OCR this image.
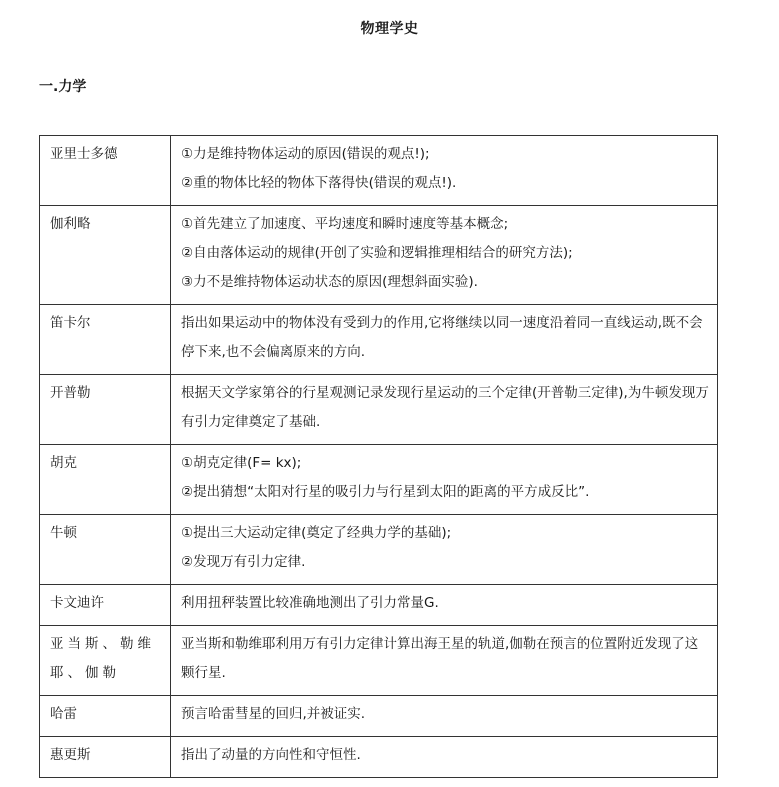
物理学史
一.力学
亚里士多德	①力是维持物体运动的原因(错误的观点!);
②重的物体比轻的物体下落得快(错误的观点!).

伽利略	①首先建立了加速度、平均速度和瞬时速度等基本概念;
②自由落体运动的规律(开创了实验和逻辑推理相结合的研究方法);
③力不是维持物体运动状态的原因(理想斜面实验).

笛卡尔	指出如果运动中的物体没有受到力的作用,它将继续以同一速度沿着同一直线运动,既不会停下来,也不会偏离原来的方向.

开普勒	根据天文学家第谷的行星观测记录发现行星运动的三个定律(开普勒三定律),为牛顿发现万有引力定律奠定了基础.

胡克	①胡克定律(F= kx);
②提出猜想“太阳对行星的吸引力与行星到太阳的距离的平方成反比”.

牛顿	①提出三大运动定律(奠定了经典力学的基础);
②发现万有引力定律.

卡文迪许	利用扭秤装置比较准确地测出了引力常量G.

亚当斯、勒维耶、伽勒	亚当斯和勒维耶利用万有引力定律计算出海王星的轨道,伽勒在预言的位置附近发现了这颗行星.

哈雷	预言哈雷彗星的回归,并被证实.

惠更斯	指出了动量的方向性和守恒性.
